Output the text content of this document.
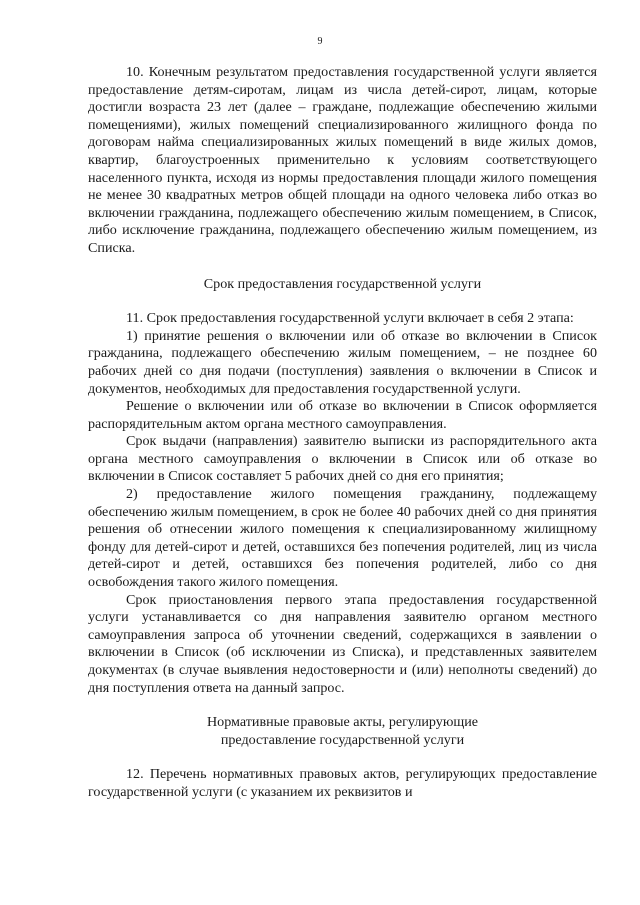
9

10. Конечным результатом предоставления государственной услуги является предоставление детям-сиротам, лицам из числа детей-сирот, лицам, которые достигли возраста 23 лет (далее – граждане, подлежащие обеспечению жилыми помещениями), жилых помещений специализированного жилищного фонда по договорам найма специализированных жилых помещений в виде жилых домов, квартир, благоустроенных применительно к условиям соответствующего населенного пункта, исходя из нормы предоставления площади жилого помещения не менее 30 квадратных метров общей площади на одного человека либо отказ во включении гражданина, подлежащего обеспечению жилым помещением, в Список, либо исключение гражданина, подлежащего обеспечению жилым помещением, из Списка.

Срок предоставления государственной услуги

11. Срок предоставления государственной услуги включает в себя 2 этапа:

1) принятие решения о включении или об отказе во включении в Список гражданина, подлежащего обеспечению жилым помещением, – не позднее 60 рабочих дней со дня подачи (поступления) заявления о включении в Список и документов, необходимых для предоставления государственной услуги.

Решение о включении или об отказе во включении в Список оформляется распорядительным актом органа местного самоуправления.

Срок выдачи (направления) заявителю выписки из распорядительного акта органа местного самоуправления о включении в Список или об отказе во включении в Список составляет 5 рабочих дней со дня его принятия;

2) предоставление жилого помещения гражданину, подлежащему обеспечению жилым помещением, в срок не более 40 рабочих дней со дня принятия решения об отнесении жилого помещения к специализированному жилищному фонду для детей-сирот и детей, оставшихся без попечения родителей, лиц из числа детей-сирот и детей, оставшихся без попечения родителей, либо со дня освобождения такого жилого помещения.

Срок приостановления первого этапа предоставления государственной услуги устанавливается со дня направления заявителю органом местного самоуправления запроса об уточнении сведений, содержащихся в заявлении о включении в Список (об исключении из Списка), и представленных заявителем документах (в случае выявления недостоверности и (или) неполноты сведений) до дня поступления ответа на данный запрос.

Нормативные правовые акты, регулирующие

предоставление государственной услуги

12. Перечень нормативных правовых актов, регулирующих предоставление государственной услуги (с указанием их реквизитов и
